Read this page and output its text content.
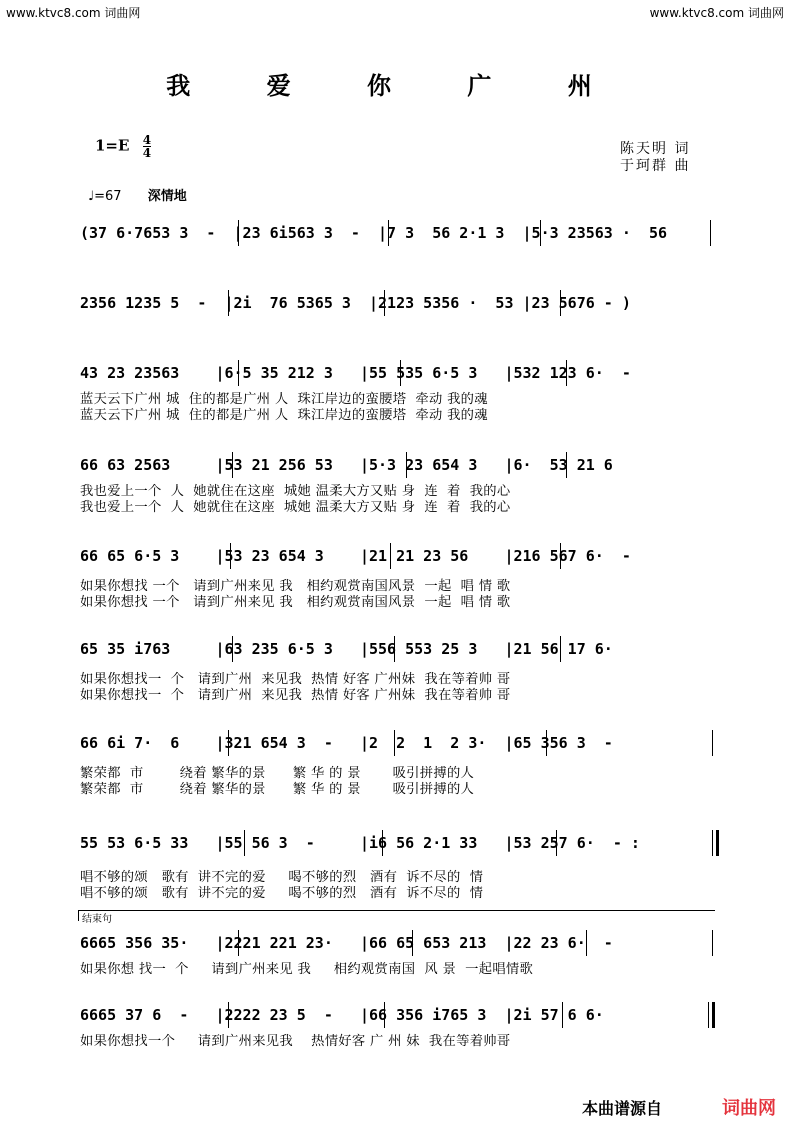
www.ktvc8.com 词曲网	www.ktvc8.com 词曲网
我 爱 你 广 州
$1=E \frac{4}{4}$	陈天明 词
于珂群 曲
♩=67 深情地
(37 6·7653 3  -  |23 6i563 3  -  |7 3  56 2·1 3  |5·3 23563 ·  56
2356 1235 5  -  |2i  76 5365 3  |2123 5356 ·  53 |23 5676 - )
43 23 23563    |6·5 35 212 3   |55 535 6·5 3   |532 123 6·  -
蓝天云下广州 城  住的都是广州 人  珠江岸边的蛮腰塔  牵动 我的魂
蓝天云下广州 城  住的都是广州 人  珠江岸边的蛮腰塔  牵动 我的魂
66 63 2563     |53 21 256 53   |5·3 23 654 3   |6·  53 21 6
我也爱上一个  人  她就住在这座  城她 温柔大方又贴 身  连  着  我的心
我也爱上一个  人  她就住在这座  城她 温柔大方又贴 身  连  着  我的心
66 65 6·5 3    |53 23 654 3    |21 21 23 56    |216 567 6·  -
如果你想找 一个   请到广州来见 我   相约观赏南国风景  一起  唱 情 歌
如果你想找 一个   请到广州来见 我   相约观赏南国风景  一起  唱 情 歌
65 35 i763     |63 235 6·5 3   |556 553 25 3   |21 56 17 6·
如果你想找一  个   请到广州  来见我  热情 好客 广州妹  我在等着帅 哥
如果你想找一  个   请到广州  来见我  热情 好客 广州妹  我在等着帅 哥
66 6i 7·  6    |321 654 3  -   |2  2  1  2 3·  |65 356 3  -
繁荣都  市        绕着 繁华的景      繁 华 的 景       吸引拼搏的人
繁荣都  市        绕着 繁华的景      繁 华 的 景       吸引拼搏的人
55 53 6·5 33   |55 56 3  -     |i6 56 2·1 33   |53 257 6·  - :
唱不够的颂   歌有  讲不完的爱     喝不够的烈   酒有  诉不尽的  情
唱不够的颂   歌有  讲不完的爱     喝不够的烈   酒有  诉不尽的  情
结束句
6665 356 35·   |2221 221 23·   |66 65 653 213  |22 23 6·  -
如果你想 找一  个     请到广州来见 我     相约观赏南国  风 景  一起唱情歌
6665 37 6  -   |2222 23 5  -   |66 356 i765 3  |2i 57 6 6·
如果你想找一个     请到广州来见我    热情好客 广 州 妹  我在等着帅哥
本曲谱源自	词曲网
